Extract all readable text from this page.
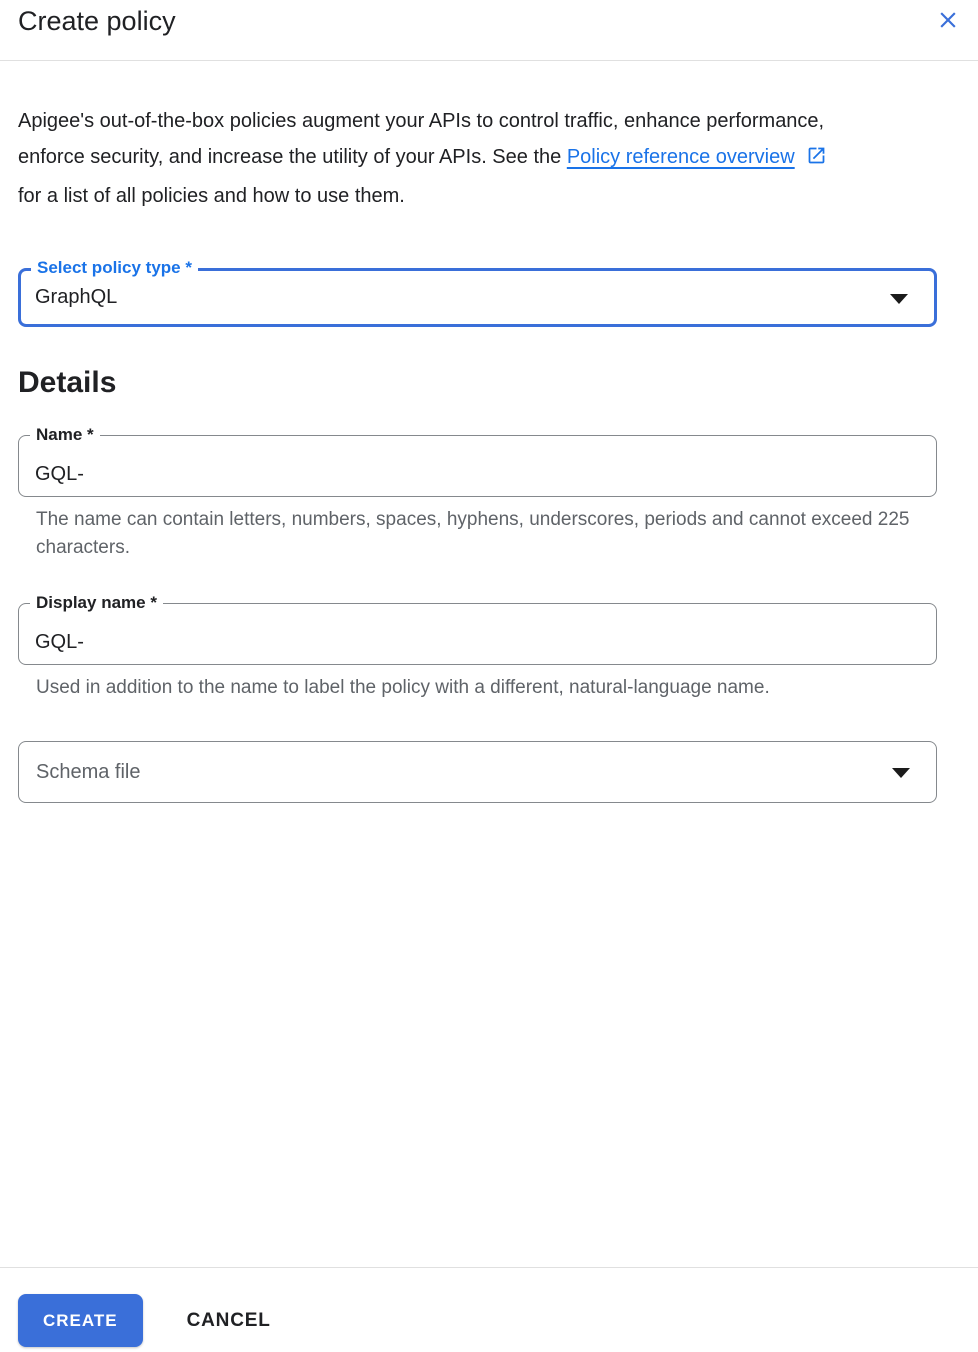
Create policy

Apigee's out-of-the-box policies augment your APIs to control traffic, enhance performance,
enforce security, and increase the utility of your APIs. See the Policy reference overview
for a list of all policies and how to use them.

Select policy type *
GraphQL
Details
Name *
GQL-

The name can contain letters, numbers, spaces, hyphens, underscores, periods and cannot exceed 225 characters.

Display name *
GQL-

Used in addition to the name to label the policy with a different, natural-language name.

Schema file
CREATE	CANCEL
